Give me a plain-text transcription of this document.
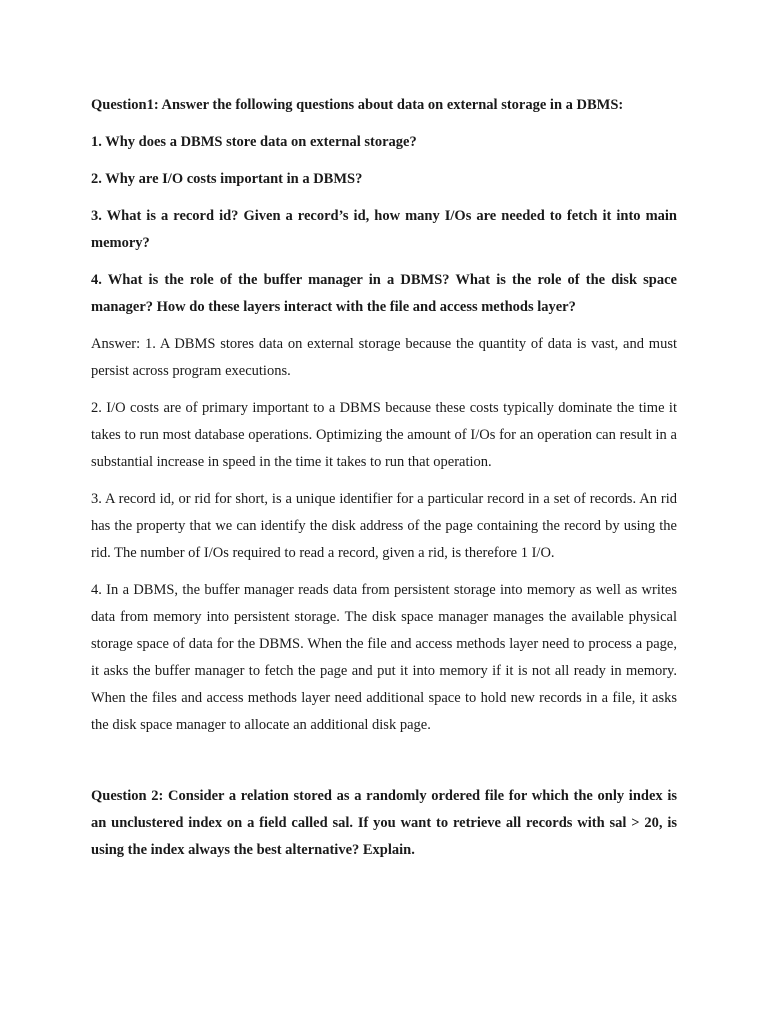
Question1: Answer the following questions about data on external storage in a DBMS:

1. Why does a DBMS store data on external storage?

2. Why are I/O costs important in a DBMS?

3. What is a record id? Given a record’s id, how many I/Os are needed to fetch it into main memory?

4. What is the role of the buffer manager in a DBMS? What is the role of the disk space manager? How do these layers interact with the file and access methods layer?

Answer: 1. A DBMS stores data on external storage because the quantity of data is vast, and must persist across program executions.

2. I/O costs are of primary important to a DBMS because these costs typically dominate the time it takes to run most database operations. Optimizing the amount of I/Os for an operation can result in a substantial increase in speed in the time it takes to run that operation.

3. A record id, or rid for short, is a unique identifier for a particular record in a set of records. An rid has the property that we can identify the disk address of the page containing the record by using the rid. The number of I/Os required to read a record, given a rid, is therefore 1 I/O.

4. In a DBMS, the buffer manager reads data from persistent storage into memory as well as writes data from memory into persistent storage. The disk space manager manages the available physical storage space of data for the DBMS. When the file and access methods layer need to process a page, it asks the buffer manager to fetch the page and put it into memory if it is not all ready in memory. When the files and access methods layer need additional space to hold new records in a file, it asks the disk space manager to allocate an additional disk page.

Question 2: Consider a relation stored as a randomly ordered file for which the only index is an unclustered index on a field called sal. If you want to retrieve all records with sal > 20, is using the index always the best alternative? Explain.
